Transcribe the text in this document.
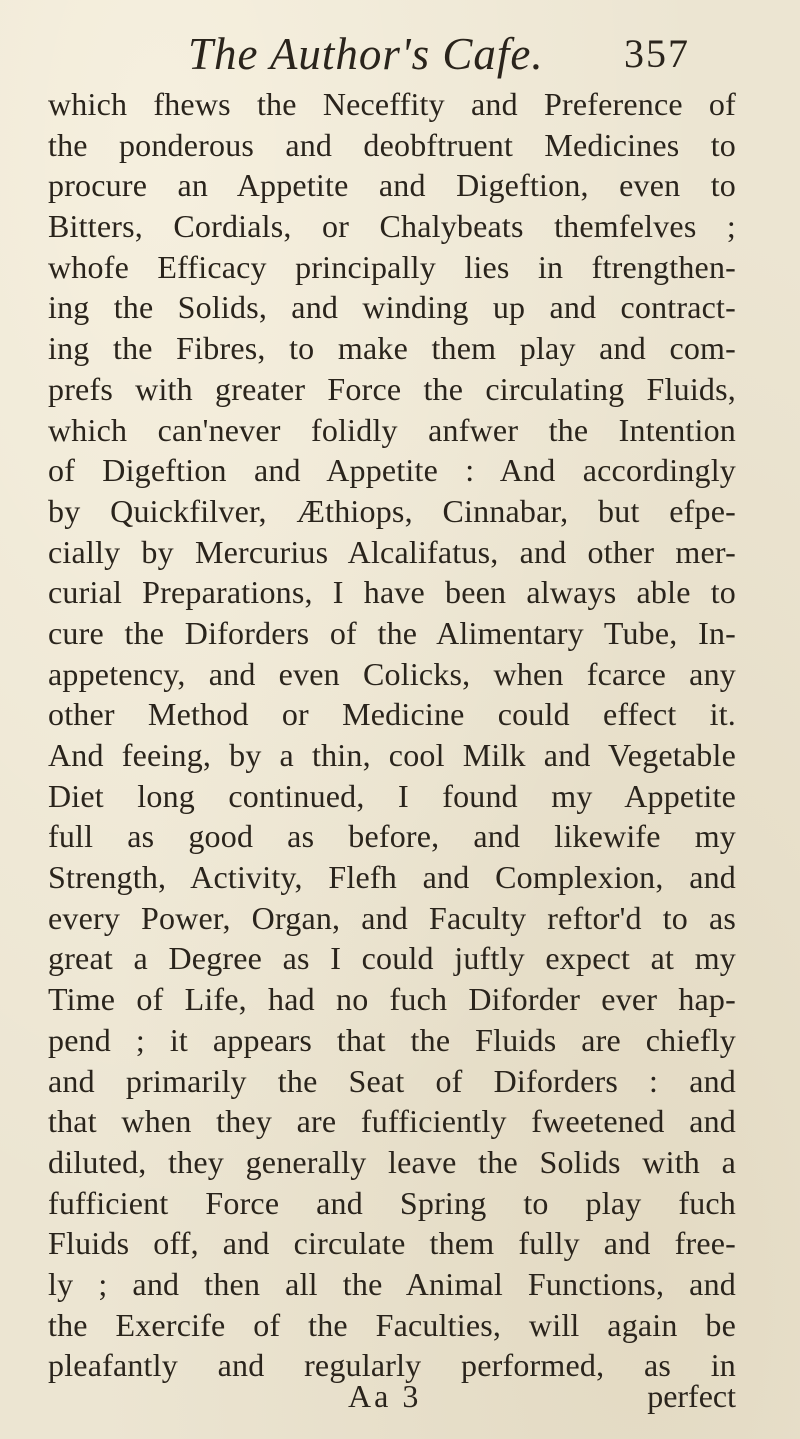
The Author's Cafe. 357
which fhews the Neceffity and Preference of
the ponderous and deobftruent Medicines to
procure an Appetite and Digeftion, even to
Bitters, Cordials, or Chalybeats themfelves ;
whofe Efficacy principally lies in ftrengthen-
ing the Solids, and winding up and contract-
ing the Fibres, to make them play and com-
prefs with greater Force the circulating Fluids,
which can'never folidly anfwer the Intention
of Digeftion and Appetite : And accordingly
by Quickfilver, Æthiops, Cinnabar, but efpe-
cially by Mercurius Alcalifatus, and other mer-
curial Preparations, I have been always able to
cure the Diforders of the Alimentary Tube, In-
appetency, and even Colicks, when fcarce any
other Method or Medicine could effect it.
And feeing, by a thin, cool Milk and Vegetable
Diet long continued, I found my Appetite
full as good as before, and likewife my
Strength, Activity, Flefh and Complexion, and
every Power, Organ, and Faculty reftor'd to as
great a Degree as I could juftly expect at my
Time of Life, had no fuch Diforder ever hap-
pend ; it appears that the Fluids are chiefly
and primarily the Seat of Diforders : and
that when they are fufficiently fweetened and
diluted, they generally leave the Solids with a
fufficient Force and Spring to play fuch
Fluids off, and circulate them fully and free-
ly ; and then all the Animal Functions, and
the Exercife of the Faculties, will again be
pleafantly and regularly performed, as in
Aa 3	perfect
